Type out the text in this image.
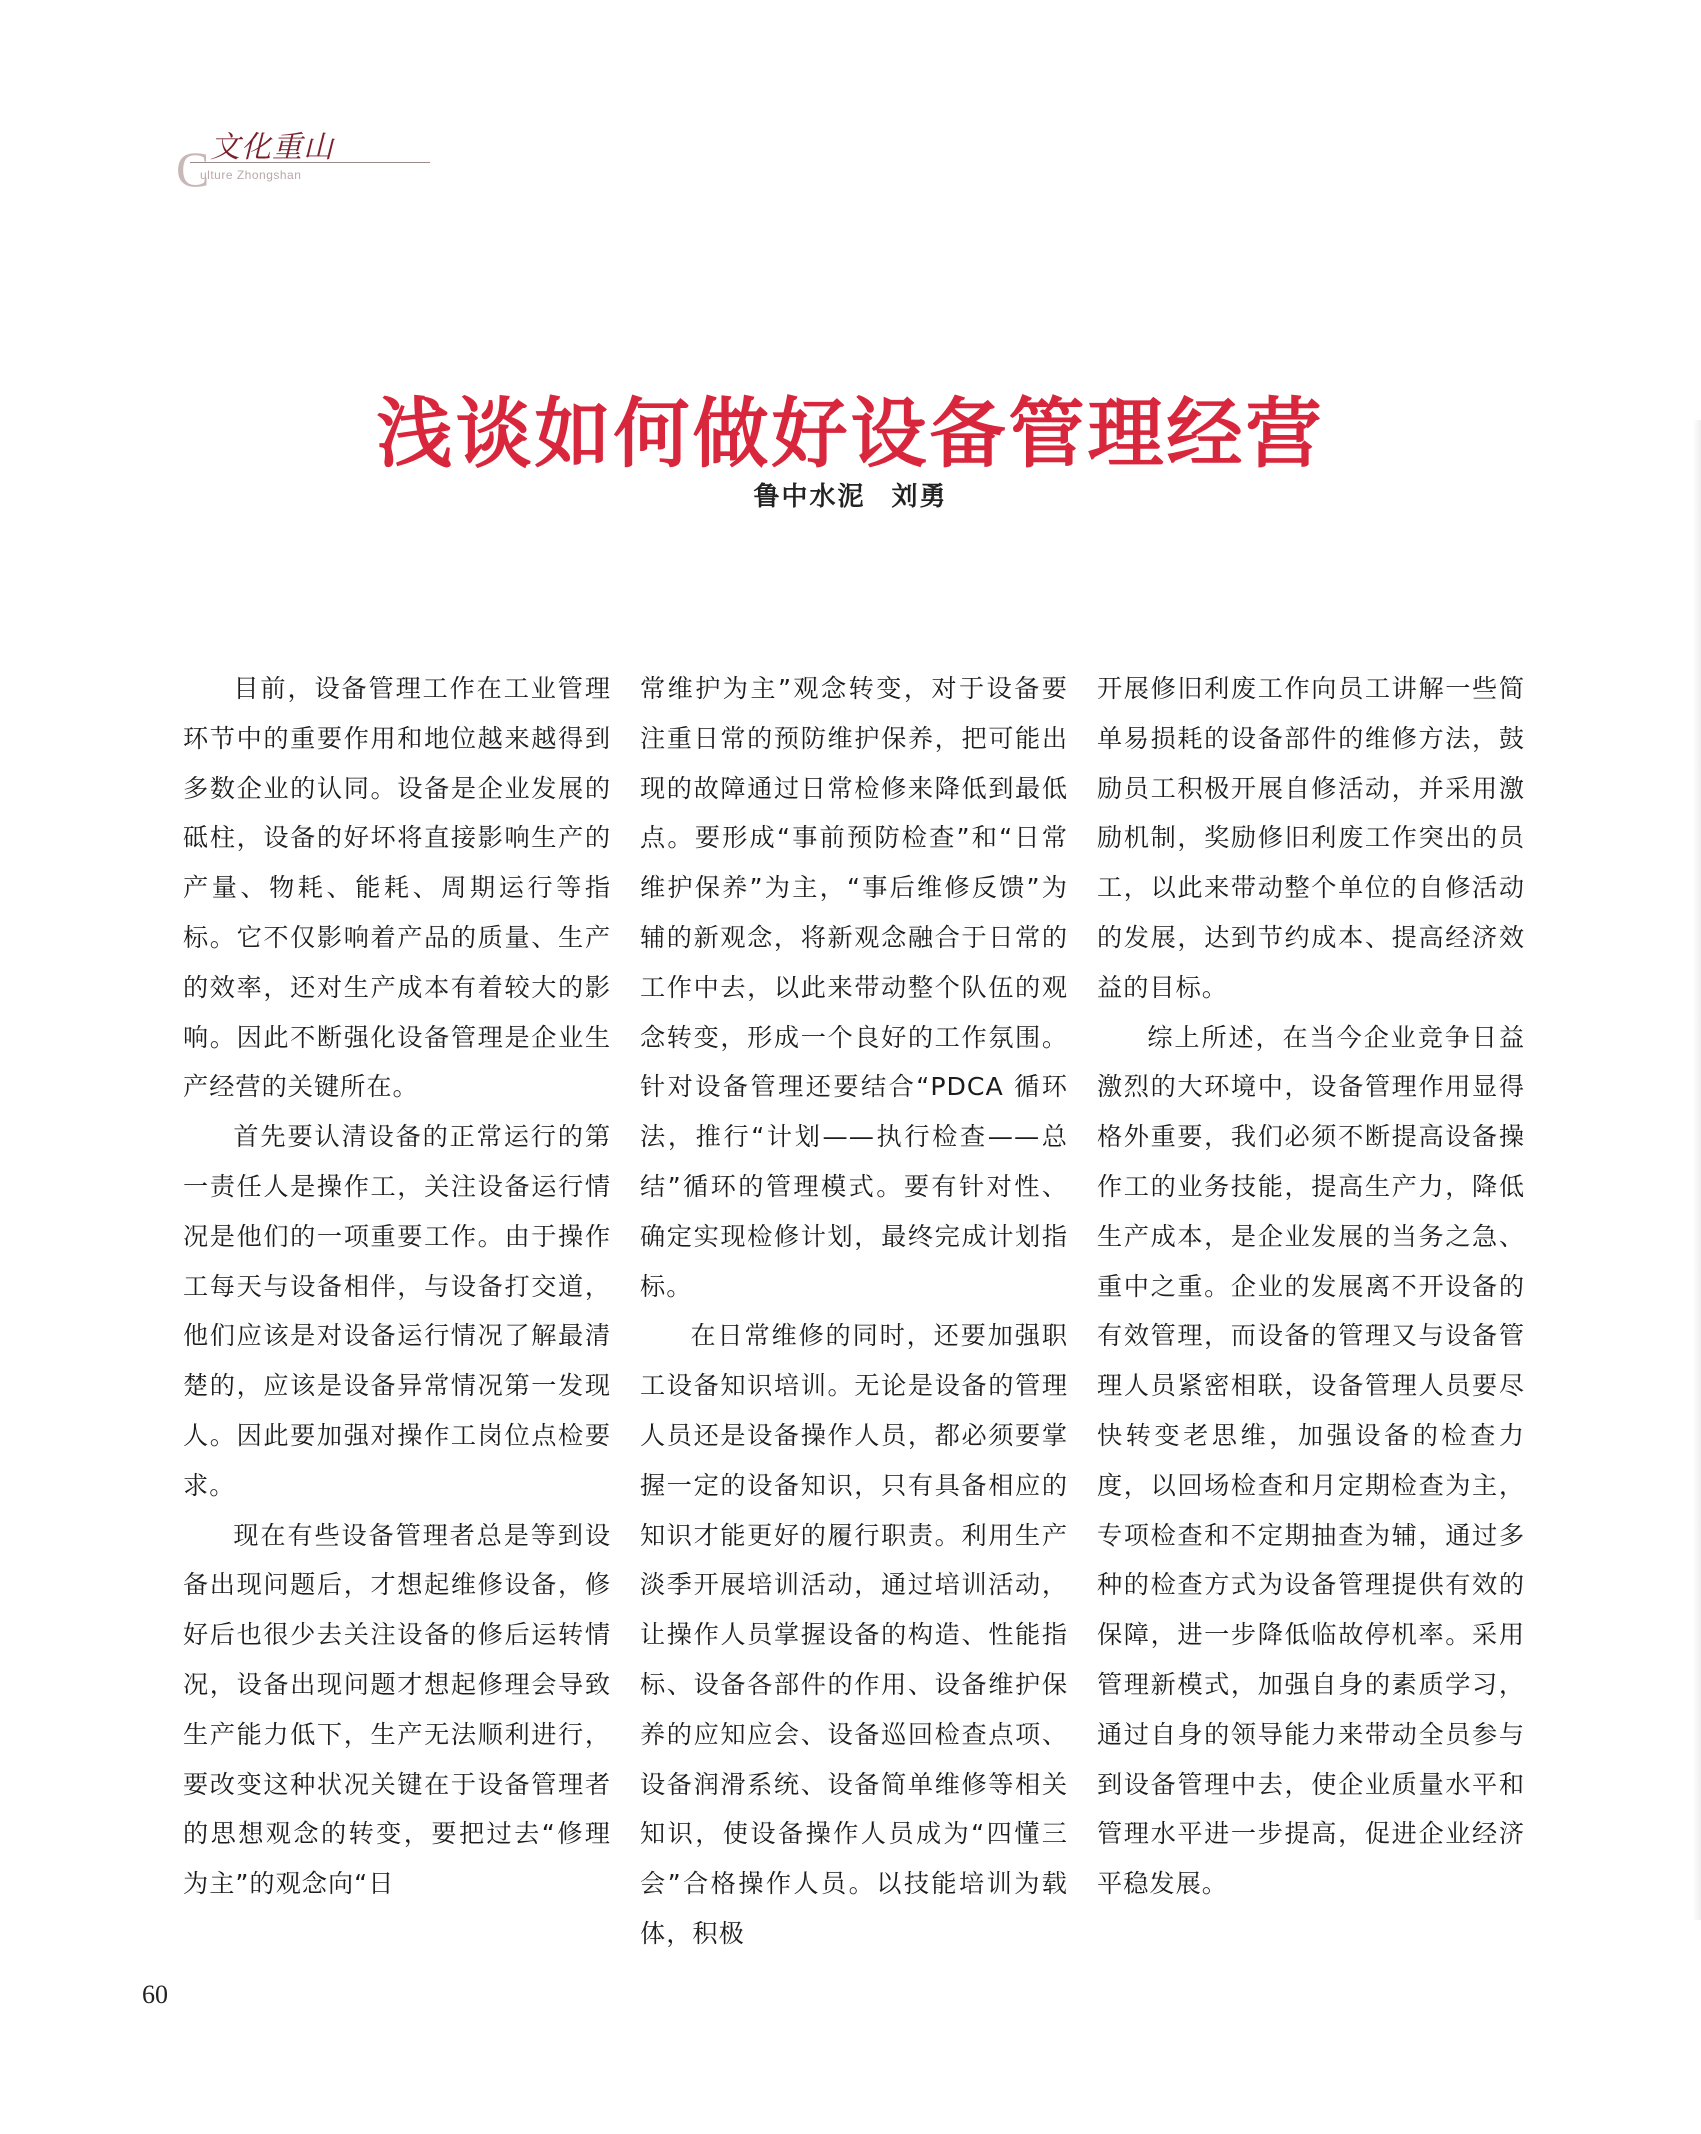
C 文化重山
ulture Zhongshan
浅谈如何做好设备管理经营
鲁中水泥 刘勇

目前，设备管理工作在工业管理环节中的重要作用和地位越来越得到多数企业的认同。设备是企业发展的砥柱，设备的好坏将直接影响生产的产量、物耗、能耗、周期运行等指标。它不仅影响着产品的质量、生产的效率，还对生产成本有着较大的影响。因此不断强化设备管理是企业生产经营的关键所在。

首先要认清设备的正常运行的第一责任人是操作工，关注设备运行情况是他们的一项重要工作。由于操作工每天与设备相伴，与设备打交道，他们应该是对设备运行情况了解最清楚的，应该是设备异常情况第一发现人。因此要加强对操作工岗位点检要求。

现在有些设备管理者总是等到设备出现问题后，才想起维修设备，修好后也很少去关注设备的修后运转情况，设备出现问题才想起修理会导致生产能力低下，生产无法顺利进行，要改变这种状况关键在于设备管理者的思想观念的转变，要把过去“修理为主”的观念向“日

常维护为主”观念转变，对于设备要注重日常的预防维护保养，把可能出现的故障通过日常检修来降低到最低点。要形成“事前预防检查”和“日常维护保养”为主，“事后维修反馈”为辅的新观念，将新观念融合于日常的工作中去，以此来带动整个队伍的观念转变，形成一个良好的工作氛围。针对设备管理还要结合“PDCA 循环法，推行“计划——执行检查——总结”循环的管理模式。要有针对性、确定实现检修计划，最终完成计划指标。

在日常维修的同时，还要加强职工设备知识培训。无论是设备的管理人员还是设备操作人员，都必须要掌握一定的设备知识，只有具备相应的知识才能更好的履行职责。利用生产淡季开展培训活动，通过培训活动，让操作人员掌握设备的构造、性能指标、设备各部件的作用、设备维护保养的应知应会、设备巡回检查点项、设备润滑系统、设备简单维修等相关知识，使设备操作人员成为“四懂三会”合格操作人员。以技能培训为载体，积极

开展修旧利废工作向员工讲解一些简单易损耗的设备部件的维修方法，鼓励员工积极开展自修活动，并采用激励机制，奖励修旧利废工作突出的员工，以此来带动整个单位的自修活动的发展，达到节约成本、提高经济效益的目标。

综上所述，在当今企业竞争日益激烈的大环境中，设备管理作用显得格外重要，我们必须不断提高设备操作工的业务技能，提高生产力，降低生产成本，是企业发展的当务之急、重中之重。企业的发展离不开设备的有效管理，而设备的管理又与设备管理人员紧密相联，设备管理人员要尽快转变老思维，加强设备的检查力度，以回场检查和月定期检查为主，专项检查和不定期抽查为辅，通过多种的检查方式为设备管理提供有效的保障，进一步降低临故停机率。采用管理新模式，加强自身的素质学习，通过自身的领导能力来带动全员参与到设备管理中去，使企业质量水平和管理水平进一步提高，促进企业经济平稳发展。

60
